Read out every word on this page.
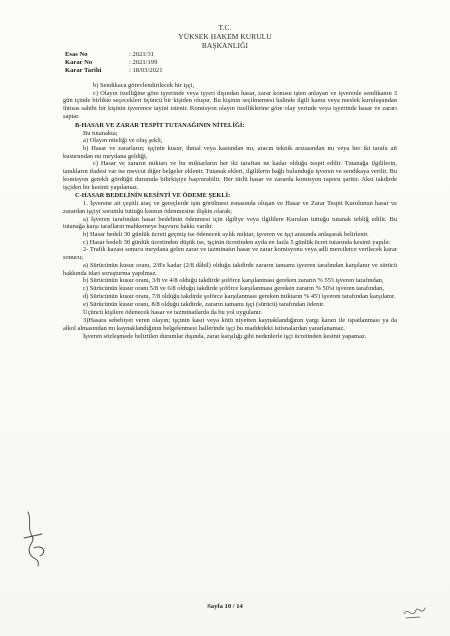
T.C.
YÜKSEK HAKEM KURULU
BAŞKANLIĞI
Esas No	: 2021/31
Karar No	: 2021/199
Karar Tarihi	: 18/03/2021

b) Sendikaca görevlendirilecek bir işçi,

c) Olayın özelliğine göre işyerinde veya işyeri dışından hasar, zarar konusu işten anlayan ve işverenle sendikanın 3 gün içinde birlikte seçecekleri üçüncü bir kişiden oluşur. Bu kişinin seçilmemesi halinde ilgili kamu veya meslek kuruluşundan ihtisas sahibi bir kişinin işverence tayini istenir. Komisyon olayın özelliklerine göre olay yerinde veya işyerinde hasar ve zararı saptar.

B-HASAR VE ZARAR TESPİT TUTANAĞININ NİTELİĞİ:

Bu tutanakta;

a) Olayın niteliği ve oluş şekli,

b) Hasar ve zararların; işçinin kusur, ihmal veya kastından mı, aracın teknik arızasından mı veya her iki tarafa ait kusurundan mı meydana geldiği,

c) Hasar ve zararın miktarı ve bu miktarların her iki taraftan ne kadar olduğu tespit edilir. Tutanağa ilgililerin, tanıkların ifadesi var ise mevcut diğer belgeler eklenir. Tutanak ekleri, ilgililerin bağlı bulunduğu işveren ve sendikaya verilir. Bu komisyon gerekli gördüğü durumda bilirkişiye başvurabilir. Her türlü hasar ve zararda komisyon raporu şarttır. Aksi takdirde işçiden bir kesinti yapılamaz.

C-HASAR BEDELİNİN KESİNTİ VE ÖDEME ŞEKLİ:

1. İşverene ait çeşitli araç ve gereçlerde işin görülmesi esnasında oluşan ve Hasar ve Zarar Tespit Kurulunun hasar ve zarardan işçiyi sorumlu tuttuğu kısmın ödenmesine ilişkin olarak;

a) İşveren tarafından hasar bedelinin ödenmesi için ilgiliye veya ilgililere Kurulun tuttuğu tutanak tebliğ edilir. Bu tutanağa karşı tarafların mahkemeye başvuru hakkı vardır.

b) Hasar bedeli 30 günlük ücreti geçmiş ise ödenecek aylık miktar, işveren ve işçi arasında anlaşarak belirlenir.

c) Hasar bedeli 30 günlük ücretinden düşük ise, işçinin ücretinden ayda en fazla 5 günlük ücret tutarında kesinti yapılır.

2- Trafik kazası sonucu meydana gelen zarar ve tazminatın hasar ve zarar komisyonu veya adli mercilerce verilecek karar sonucu;

a) Sürücünün kusur oranı, 2/8'e kadar (2/8 dâhil) olduğu takdirde zararın tamamı işveren tarafından karşılanır ve sürücü hakkında idari soruşturma yapılmaz.

b) Sürücünün kusur oranı, 3/8 ve 4/8 olduğu takdirde şoförce karşılanması gereken zararın % 55'i işveren tarafından,

c) Sürücünün kusur oranı 5/8 ve 6/8 olduğu takdirde şoförce karşılanması gereken zararın % 50'si işveren tarafından,

d) Sürücünün kusur oranı, 7/8 olduğu takdirde şoförce karşılanması gereken miktarın % 45'i işveren tarafından karşılanır.

e) Sürücünün kusur oranı, 8/8 olduğu takdirde, zararın tamamı işçi (sürücü) tarafından ödenir.

Üçüncü kişilere ödenecek hasar ve tazminatlarda da bu yol uygulanır.

3)Hasara sebebiyet veren olayın; işçinin kasıt veya kötü niyetten kaynaklandığının yargı kararı ile ispatlanması ya da alkol almasından mı kaynaklandığının belgelenmesi hallerinde işçi bu maddedeki istisnalardan yararlanamaz.

İşveren sözleşmede belirtilen durumlar dışında, zarar karşılığı gibi nedenlerle işçi ücretinden kesinti yapamaz.

Sayfa 10 / 14
